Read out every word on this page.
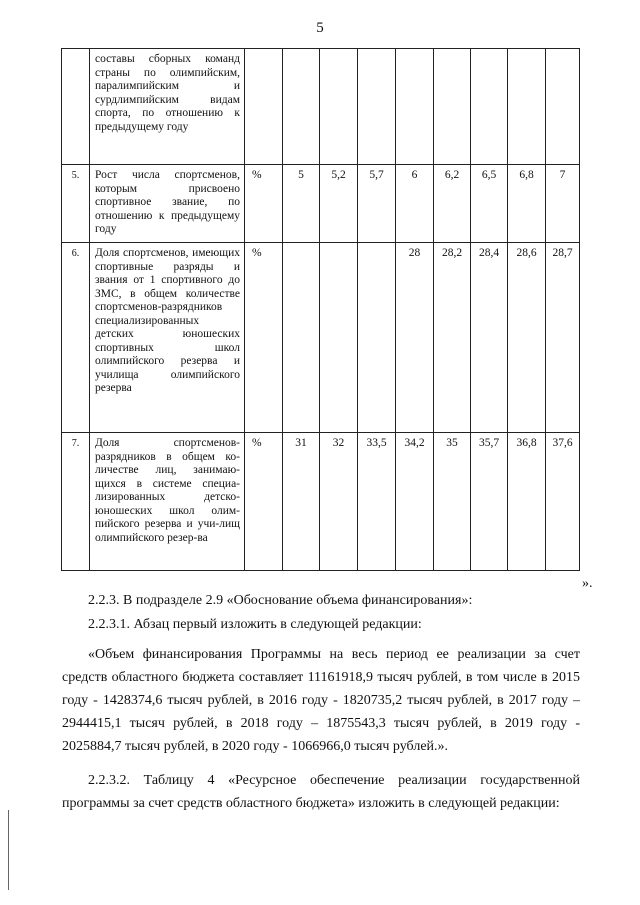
5
	составы сборных команд страны по олимпийским, паралимпийским и сурдлимпийским видам спорта, по отношению к предыдущему году									
5.	Рост числа спортсменов, которым присвоено спортивное звание, по отношению к предыдущему году	%	5	5,2	5,7	6	6,2	6,5	6,8	7
6.	Доля спортсменов, имеющих спортивные разряды и звания от 1 спортивного до ЗМС, в общем количестве спортсменов-разрядников специализированных детских юношеских спортивных школ олимпийского резерва и училища олимпийского резерва	%				28	28,2	28,4	28,6	28,7
7.	Доля спортсменов-разрядников в общем ко-личестве лиц, занимаю-щихся в системе специа-лизированных детско-юношеских школ олим-пийского резерва и учи-лищ олимпийского резер-ва	%	31	32	33,5	34,2	35	35,7	36,8	37,6
».

2.2.3. В подразделе 2.9 «Обоснование объема финансирования»:

2.2.3.1. Абзац первый изложить в следующей редакции:

«Объем финансирования Программы на весь период ее реализации за счет средств областного бюджета составляет 11161918,9 тысяч рублей, в том числе в 2015 году - 1428374,6 тысяч рублей, в 2016 году - 1820735,2 тысяч рублей, в 2017 году – 2944415,1 тысяч рублей, в 2018 году – 1875543,3 тысяч рублей, в 2019 году - 2025884,7 тысяч рублей, в 2020 году - 1066966,0 тысяч рублей.».

2.2.3.2. Таблицу 4 «Ресурсное обеспечение реализации государственной программы за счет средств областного бюджета» изложить в следующей редакции:
